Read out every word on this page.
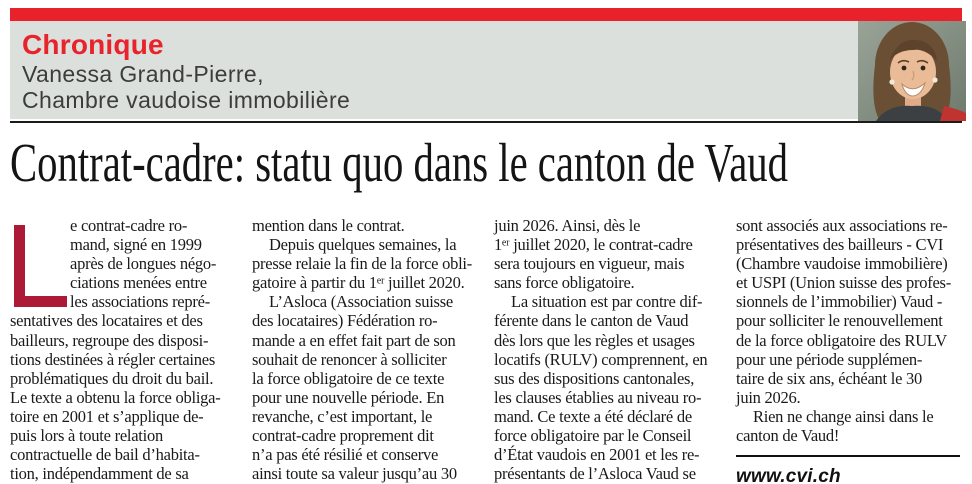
Chronique

Vanessa Grand-Pierre,

Chambre vaudoise immobilière

Contrat-cadre: statu quo dans le canton de Vaud
e contrat-cadre ro-
mand, signé en 1999
après de longues négo-
ciations menées entre
les associations repré-
sentatives des locataires et des
bailleurs, regroupe des disposi-
tions destinées à régler certaines
problématiques du droit du bail.
Le texte a obtenu la force obliga-
toire en 2001 et s’applique de-
puis lors à toute relation
contractuelle de bail d’habita-
tion, indépendamment de sa
mention dans le contrat.
Depuis quelques semaines, la
presse relaie la fin de la force obli-
gatoire à partir du 1ᵉʳ juillet 2020.
L’Asloca (Association suisse
des locataires) Fédération ro-
mande a en effet fait part de son
souhait de renoncer à solliciter
la force obligatoire de ce texte
pour une nouvelle période. En
revanche, c’est important, le
contrat-cadre proprement dit
n’a pas été résilié et conserve
ainsi toute sa valeur jusqu’au 30
juin 2026. Ainsi, dès le
1ᵉʳ juillet 2020, le contrat-cadre
sera toujours en vigueur, mais
sans force obligatoire.
La situation est par contre dif-
férente dans le canton de Vaud
dès lors que les règles et usages
locatifs (RULV) comprennent, en
sus des dispositions cantonales,
les clauses établies au niveau ro-
mand. Ce texte a été déclaré de
force obligatoire par le Conseil
d’État vaudois en 2001 et les re-
présentants de l’Asloca Vaud se
sont associés aux associations re-
présentatives des bailleurs - CVI
(Chambre vaudoise immobilière)
et USPI (Union suisse des profes-
sionnels de l’immobilier) Vaud -
pour solliciter le renouvellement
de la force obligatoire des RULV
pour une période supplémen-
taire de six ans, échéant le 30
juin 2026.
Rien ne change ainsi dans le
canton de Vaud!
www.cvi.ch
